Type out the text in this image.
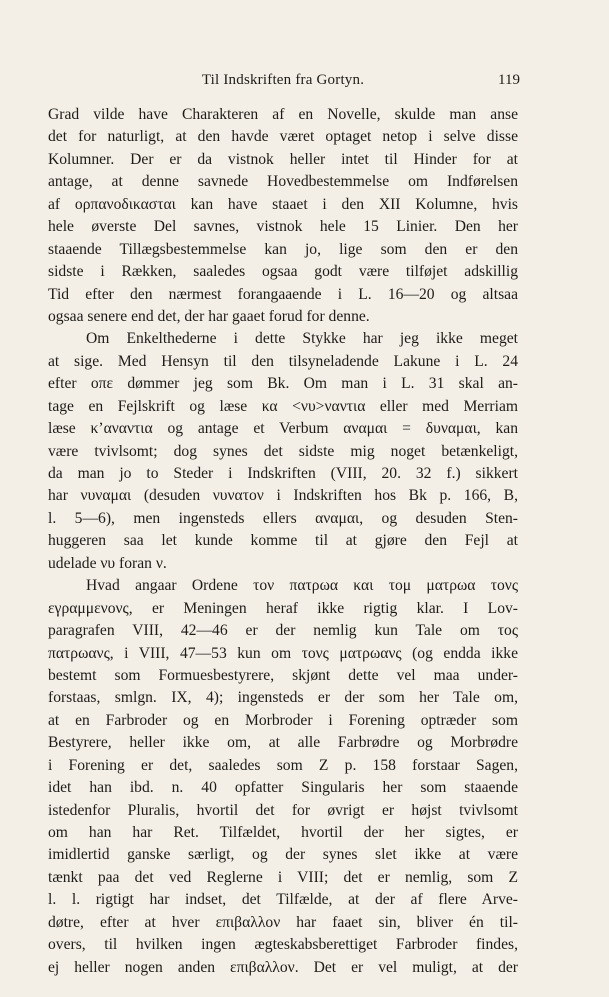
Til Indskriften fra Gortyn.	119
Grad vilde have Charakteren af en Novelle, skulde man anse
det for naturligt, at den havde været optaget netop i selve disse
Kolumner. Der er da vistnok heller intet til Hinder for at
antage, at denne savnede Hovedbestemmelse om Indførelsen
af ορπανοδικασται kan have staaet i den XII Kolumne, hvis
hele øverste Del savnes, vistnok hele 15 Linier. Den her
staaende Tillægsbestemmelse kan jo, lige som den er den
sidste i Rækken, saaledes ogsaa godt være tilføjet adskillig
Tid efter den nærmest forangaaende i L. 16—20 og altsaa
ogsaa senere end det, der har gaaet forud for denne.
Om Enkelthederne i dette Stykke har jeg ikke meget
at sige. Med Hensyn til den tilsyneladende Lakune i L. 24
efter οπε dømmer jeg som Bk. Om man i L. 31 skal an-
tage en Fejlskrift og læse κα <νυ>ναντια eller med Merriam
læse κ’αναντια og antage et Verbum αναμαι = δυναμαι, kan
være tvivlsomt; dog synes det sidste mig noget betænkeligt,
da man jo to Steder i Indskriften (VIII, 20. 32 f.) sikkert
har νυναμαι (desuden νυνατον i Indskriften hos Bk p. 166, B,
l. 5—6), men ingensteds ellers αναμαι, og desuden Sten-
huggeren saa let kunde komme til at gjøre den Fejl at
udelade νυ foran ν.
Hvad angaar Ordene τον πατρωα και τομ ματρωα τονς
εγραμμενονς, er Meningen heraf ikke rigtig klar. I Lov-
paragrafen VIII, 42—46 er der nemlig kun Tale om τος
πατρωανς, i VIII, 47—53 kun om τονς ματρωανς (og endda ikke
bestemt som Formuesbestyrere, skjønt dette vel maa under-
forstaas, smlgn. IX, 4); ingensteds er der som her Tale om,
at en Farbroder og en Morbroder i Forening optræder som
Bestyrere, heller ikke om, at alle Farbrødre og Morbrødre
i Forening er det, saaledes som Z p. 158 forstaar Sagen,
idet han ibd. n. 40 opfatter Singularis her som staaende
istedenfor Pluralis, hvortil det for øvrigt er højst tvivlsomt
om han har Ret. Tilfældet, hvortil der her sigtes, er
imidlertid ganske særligt, og der synes slet ikke at være
tænkt paa det ved Reglerne i VIII; det er nemlig, som Z
l. l. rigtigt har indset, det Tilfælde, at der af flere Arve-
døtre, efter at hver επιβαλλον har faaet sin, bliver én til-
overs, til hvilken ingen ægteskabsberettiget Farbroder findes,
ej heller nogen anden επιβαλλον. Det er vel muligt, at der
